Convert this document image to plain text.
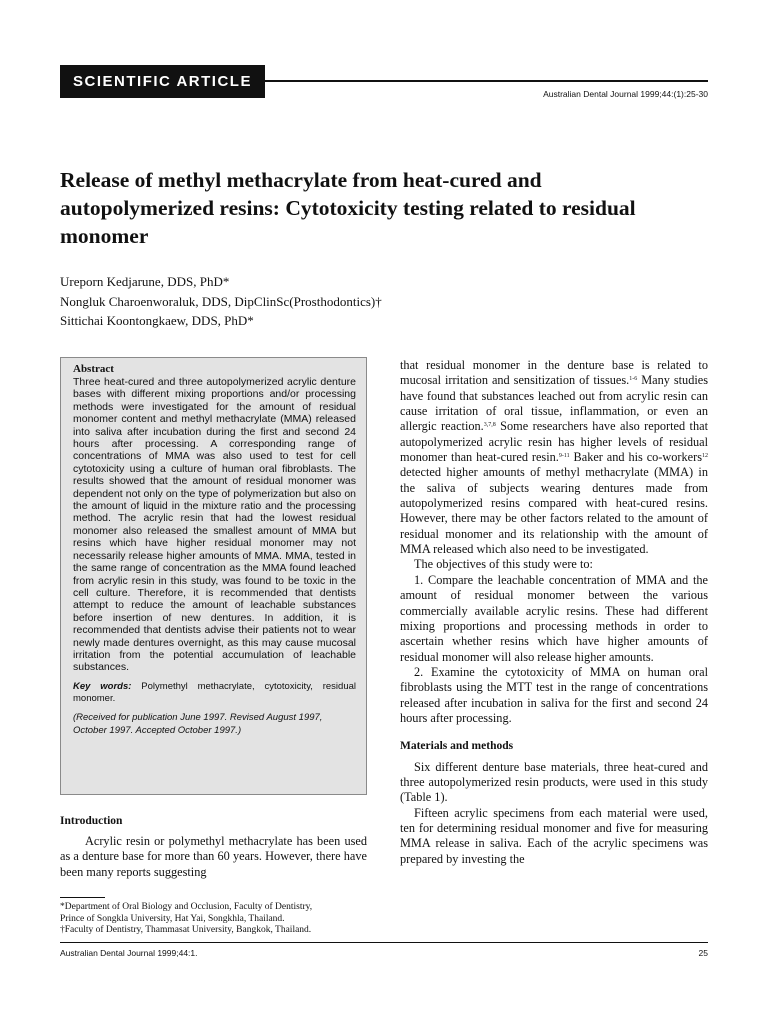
SCIENTIFIC ARTICLE
Australian Dental Journal 1999;44:(1):25-30
Release of methyl methacrylate from heat-cured and autopolymerized resins: Cytotoxicity testing related to residual monomer
Ureporn Kedjarune, DDS, PhD*
Nongluk Charoenworaluk, DDS, DipClinSc(Prosthodontics)†
Sittichai Koontongkaew, DDS, PhD*
Abstract
Three heat-cured and three autopolymerized acrylic denture bases with different mixing proportions and/or processing methods were investigated for the amount of residual monomer content and methyl methacrylate (MMA) released into saliva after incubation during the first and second 24 hours after processing. A corresponding range of concentrations of MMA was also used to test for cell cytotoxicity using a culture of human oral fibroblasts. The results showed that the amount of residual monomer was dependent not only on the type of polymerization but also on the amount of liquid in the mixture ratio and the processing method. The acrylic resin that had the lowest residual monomer also released the smallest amount of MMA but resins which have higher residual monomer may not necessarily release higher amounts of MMA. MMA, tested in the same range of concentration as the MMA found leached from acrylic resin in this study, was found to be toxic in the cell culture. Therefore, it is recommended that dentists attempt to reduce the amount of leachable substances before insertion of new dentures. In addition, it is recommended that dentists advise their patients not to wear newly made dentures overnight, as this may cause mucosal irritation from the potential accumulation of leachable substances.
Key words: Polymethyl methacrylate, cytotoxicity, residual monomer.
(Received for publication June 1997. Revised August 1997, October 1997. Accepted October 1997.)
Introduction

Acrylic resin or polymethyl methacrylate has been used as a denture base for more than 60 years. However, there have been many reports suggesting

*Department of Oral Biology and Occlusion, Faculty of Dentistry,
Prince of Songkla University, Hat Yai, Songkhla, Thailand.
†Faculty of Dentistry, Thammasat University, Bangkok, Thailand.

that residual monomer in the denture base is related to mucosal irritation and sensitization of tissues.$^{1-6}$ Many studies have found that substances leached out from acrylic resin can cause irritation of oral tissue, inflammation, or even an allergic reaction.$^{3,7,8}$ Some researchers have also reported that autopolymerized acrylic resin has higher levels of residual monomer than heat-cured resin.$^{9-11}$ Baker and his co-workers$^{12}$ detected higher amounts of methyl methacrylate (MMA) in the saliva of subjects wearing dentures made from autopolymerized resins compared with heat-cured resins. However, there may be other factors related to the amount of residual monomer and its relationship with the amount of MMA released which also need to be investigated.

The objectives of this study were to:

1. Compare the leachable concentration of MMA and the amount of residual monomer between the various commercially available acrylic resins. These had different mixing proportions and processing methods in order to ascertain whether resins which have higher amounts of residual monomer will also release higher amounts.

2. Examine the cytotoxicity of MMA on human oral fibroblasts using the MTT test in the range of concentrations released after incubation in saliva for the first and second 24 hours after processing.

Materials and methods

Six different denture base materials, three heat-cured and three autopolymerized resin products, were used in this study (Table 1).

Fifteen acrylic specimens from each material were used, ten for determining residual monomer and five for measuring MMA release in saliva. Each of the acrylic specimens was prepared by investing the

Australian Dental Journal 1999;44:1.	25
